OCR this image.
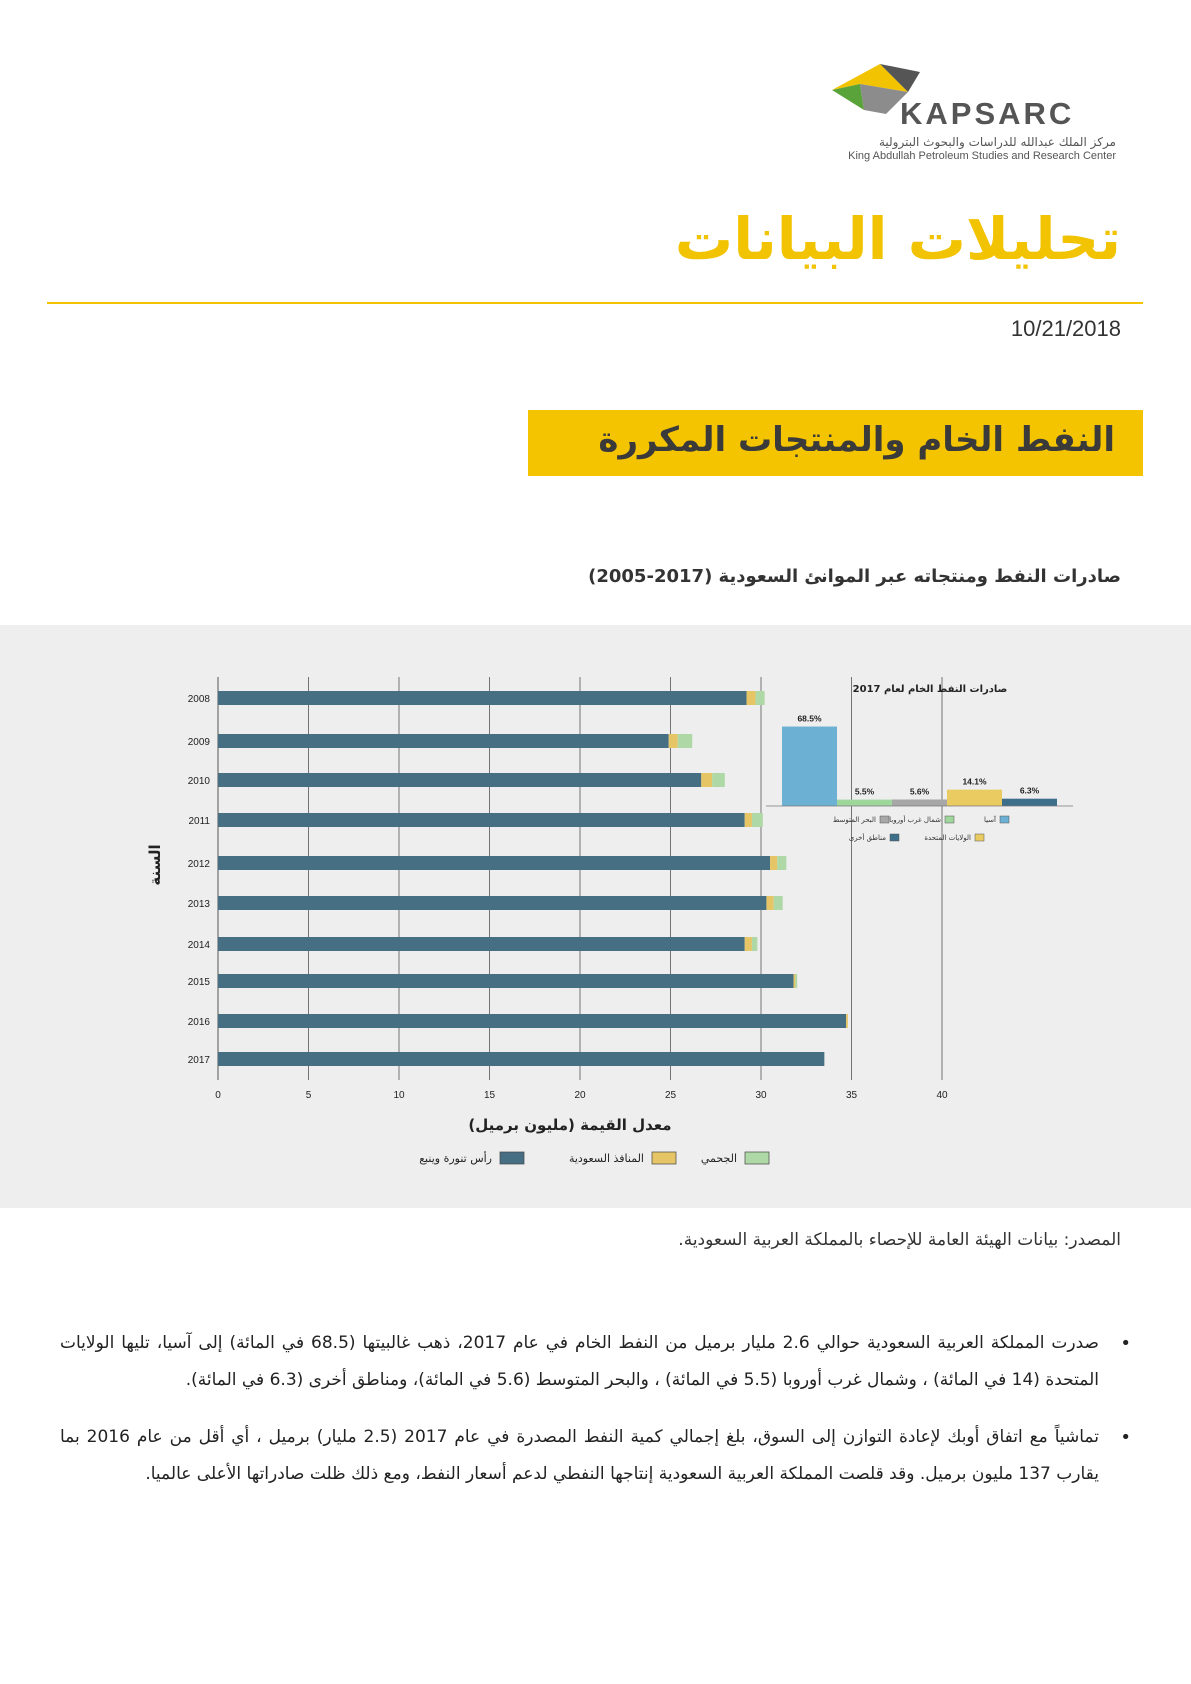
KAPSARC
مركز الملك عبدالله للدراسات والبحوث البترولية
King Abdullah Petroleum Studies and Research Center
تحليلات البيانات
10/21/2018
النفط الخام والمنتجات المكررة
صادرات النفط ومنتجاته عبر الموانئ السعودية (2017-2005)
2008
2009
2010
2011
2012
2013
2014
2015
2016
2017
0	5	10	15	20	25	30	35	40
معدل القيمة (مليون برميل)
السنة
الجحمي
المنافذ السعودية
رأس تنورة وينبع
صادرات النفط الخام لعام 2017
68.5%
5.5%	5.6%
14.1%
6.3%
آسيا
شمال غرب أوروبا
البحر المتوسط
الولايات المتحدة
مناطق أخرى
المصدر: بيانات الهيئة العامة للإحصاء بالمملكة العربية السعودية.

• صدرت المملكة العربية السعودية حوالي 2.6 مليار برميل من النفط الخام في عام 2017، ذهب غالبيتها (68.5 في المائة) إلى آسيا، تليها الولايات المتحدة (14 في المائة) ، وشمال غرب أوروبا (5.5 في المائة) ، والبحر المتوسط (5.6 في المائة)، ومناطق أخرى (6.3 في المائة).

• تماشياً مع اتفاق أوبك لإعادة التوازن إلى السوق، بلغ إجمالي كمية النفط المصدرة في عام 2017 (2.5 مليار) برميل ، أي أقل من عام 2016 بما يقارب 137 مليون برميل. وقد قلصت المملكة العربية السعودية إنتاجها النفطي لدعم أسعار النفط، ومع ذلك ظلت صادراتها الأعلى عالميا.
